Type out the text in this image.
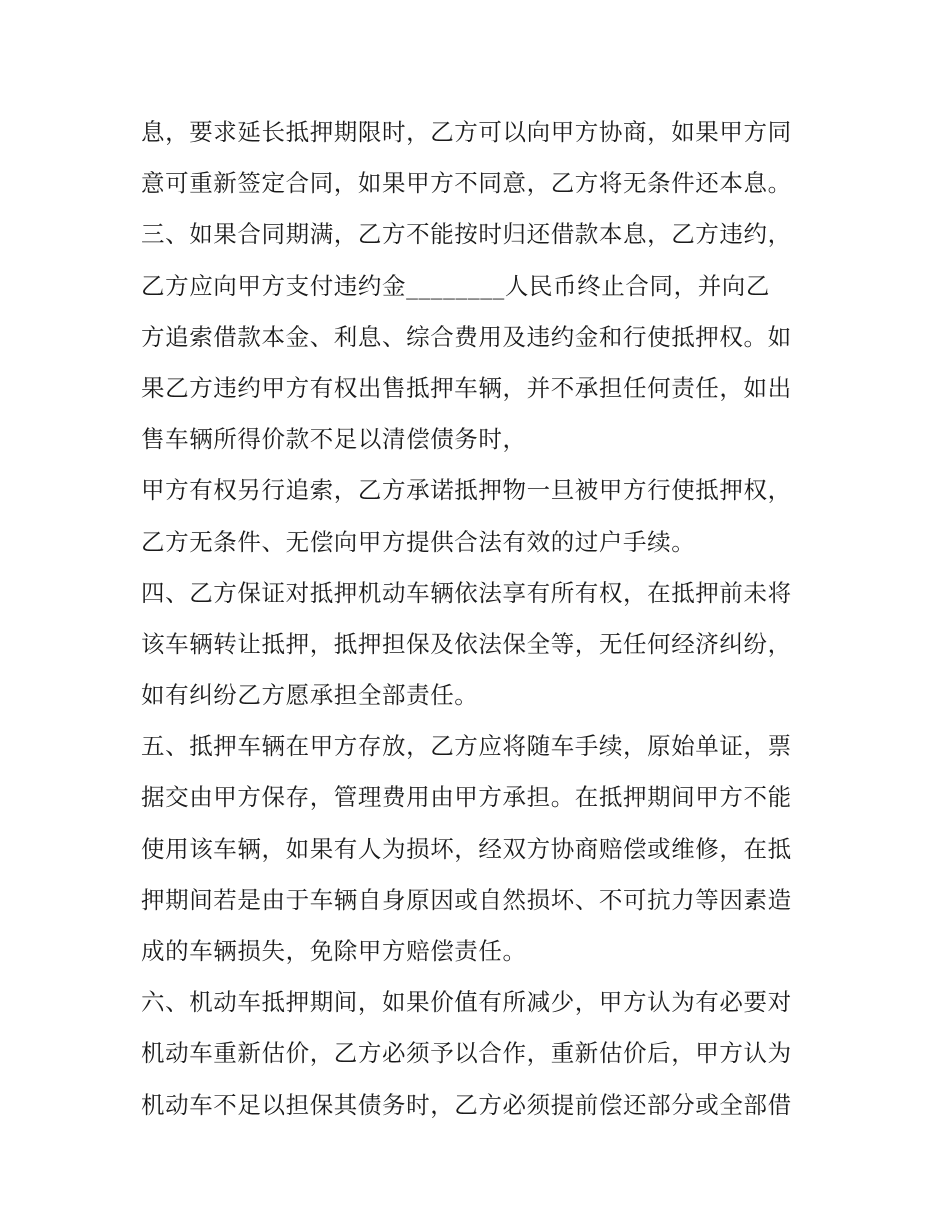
息，要求延长抵押期限时，乙方可以向甲方协商，如果甲方同
意可重新签定合同，如果甲方不同意，乙方将无条件还本息。
三、如果合同期满，乙方不能按时归还借款本息，乙方违约，
乙方应向甲方支付违约金________人民币终止合同，并向乙
方追索借款本金、利息、综合费用及违约金和行使抵押权。如
果乙方违约甲方有权出售抵押车辆，并不承担任何责任，如出
售车辆所得价款不足以清偿债务时，
甲方有权另行追索，乙方承诺抵押物一旦被甲方行使抵押权，
乙方无条件、无偿向甲方提供合法有效的过户手续。
四、乙方保证对抵押机动车辆依法享有所有权，在抵押前未将
该车辆转让抵押，抵押担保及依法保全等，无任何经济纠纷，
如有纠纷乙方愿承担全部责任。
五、抵押车辆在甲方存放，乙方应将随车手续，原始单证，票
据交由甲方保存，管理费用由甲方承担。在抵押期间甲方不能
使用该车辆，如果有人为损坏，经双方协商赔偿或维修，在抵
押期间若是由于车辆自身原因或自然损坏、不可抗力等因素造
成的车辆损失，免除甲方赔偿责任。
六、机动车抵押期间，如果价值有所减少，甲方认为有必要对
机动车重新估价，乙方必须予以合作，重新估价后，甲方认为
机动车不足以担保其债务时，乙方必须提前偿还部分或全部借
